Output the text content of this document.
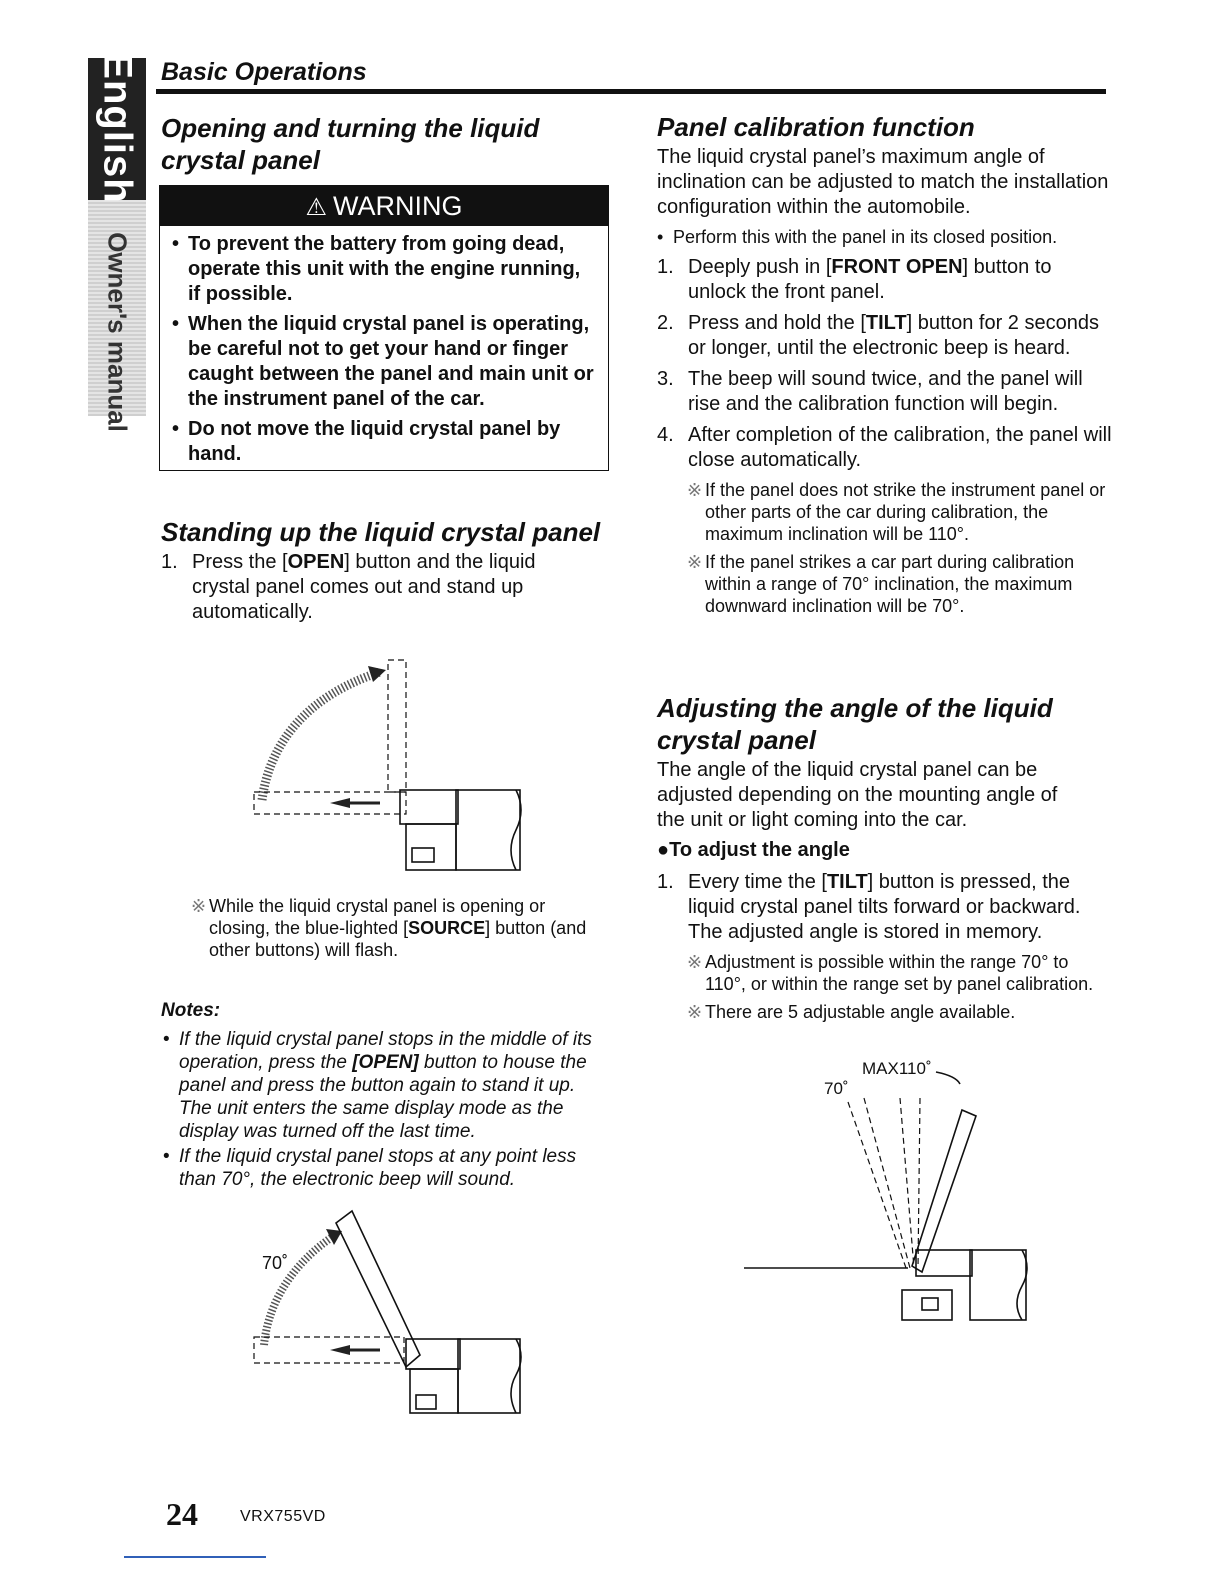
English
Owner's manual
Basic Operations
Opening and turning the liquid crystal panel
⚠ WARNING
• To prevent the battery from going dead, operate this unit with the engine running, if possible.
• When the liquid crystal panel is operating, be careful not to get your hand or finger caught between the panel and main unit or the instrument panel of the car.
• Do not move the liquid crystal panel by hand.
Standing up the liquid crystal panel
1. Press the [OPEN] button and the liquid crystal panel comes out and stand up automatically.
※ While the liquid crystal panel is opening or closing, the blue-lighted [SOURCE] button (and other buttons) will flash.
Notes:
• If the liquid crystal panel stops in the middle of its operation, press the [OPEN] button to house the panel and press the button again to stand it up. The unit enters the same display mode as the display was turned off the last time.
• If the liquid crystal panel stops at any point less than 70°, the electronic beep will sound.
70˚
Panel calibration function

The liquid crystal panel’s maximum angle of inclination can be adjusted to match the installation configuration within the automobile.

• Perform this with the panel in its closed position.
1. Deeply push in [FRONT OPEN] button to unlock the front panel.
2. Press and hold the [TILT] button for 2 seconds or longer, until the electronic beep is heard.
3. The beep will sound twice, and the panel will rise and the calibration function will begin.
4. After completion of the calibration, the panel will close automatically.
※ If the panel does not strike the instrument panel or other parts of the car during calibration, the maximum inclination will be 110°.
※ If the panel strikes a car part during calibration within a range of 70° inclination, the maximum downward inclination will be 70°.
Adjusting the angle of the liquid crystal panel

The angle of the liquid crystal panel can be adjusted depending on the mounting angle of the unit or light coming into the car.

●To adjust the angle
1. Every time the [TILT] button is pressed, the liquid crystal panel tilts forward or backward. The adjusted angle is stored in memory.
※ Adjustment is possible within the range 70° to 110°, or within the range set by panel calibration.
※ There are 5 adjustable angle available.
70˚
MAX110˚
24	VRX755VD
